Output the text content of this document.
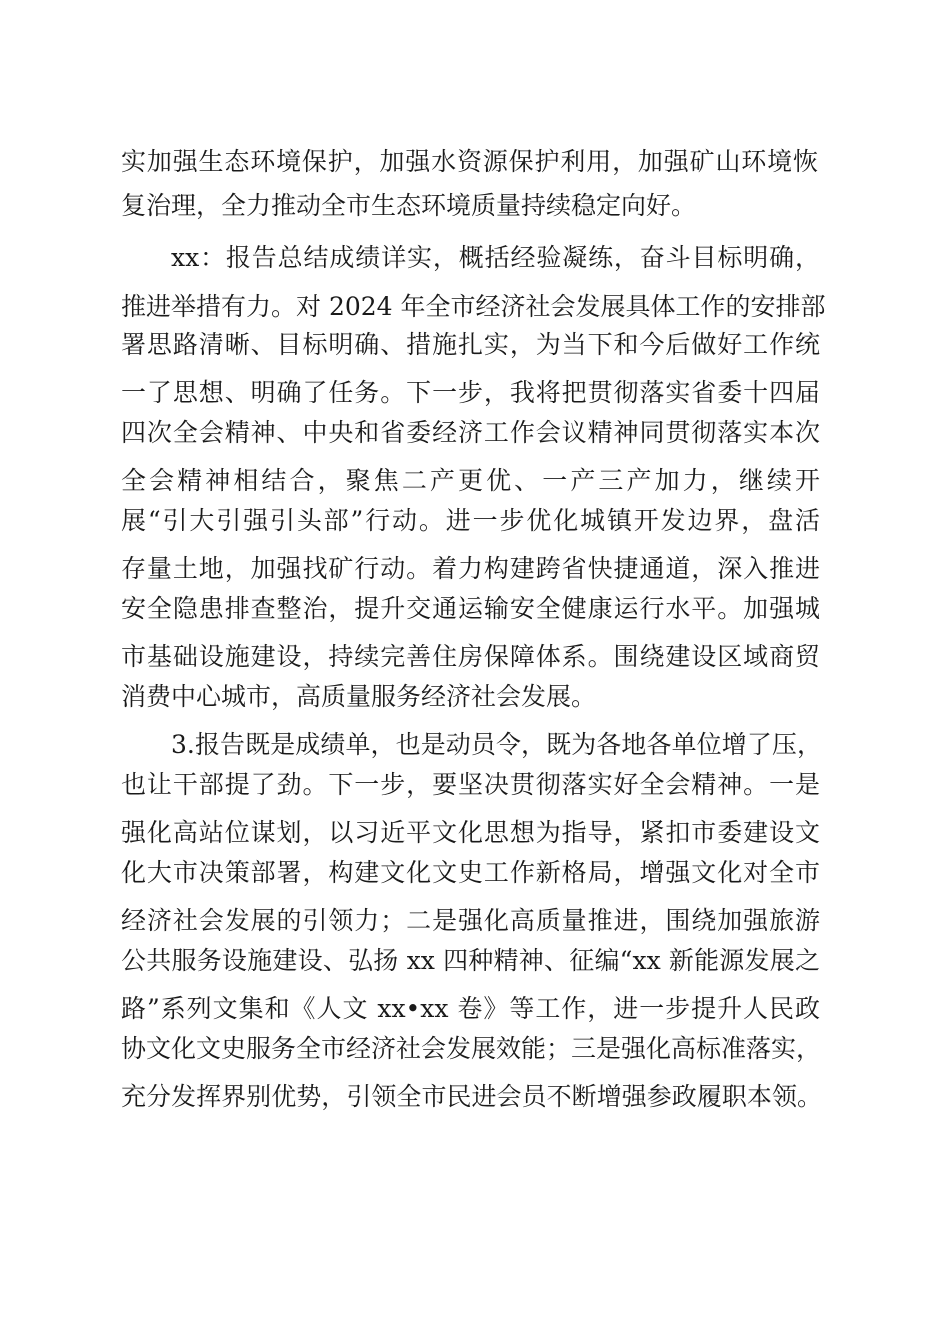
实加强生态环境保护，加强水资源保护利用，加强矿山环境恢
复治理，全力推动全市生态环境质量持续稳定向好。
xx：报告总结成绩详实，概括经验凝练，奋斗目标明确，
推进举措有力。对 2024 年全市经济社会发展具体工作的安排部
署思路清晰、目标明确、措施扎实，为当下和今后做好工作统
一了思想、明确了任务。下一步，我将把贯彻落实省委十四届
四次全会精神、中央和省委经济工作会议精神同贯彻落实本次
全会精神相结合，聚焦二产更优、一产三产加力，继续开
展“引大引强引头部”行动。进一步优化城镇开发边界，盘活
存量土地，加强找矿行动。着力构建跨省快捷通道，深入推进
安全隐患排查整治，提升交通运输安全健康运行水平。加强城
市基础设施建设，持续完善住房保障体系。围绕建设区域商贸
消费中心城市，高质量服务经济社会发展。
3.报告既是成绩单，也是动员令，既为各地各单位增了压，
也让干部提了劲。下一步，要坚决贯彻落实好全会精神。一是
强化高站位谋划，以习近平文化思想为指导，紧扣市委建设文
化大市决策部署，构建文化文史工作新格局，增强文化对全市
经济社会发展的引领力；二是强化高质量推进，围绕加强旅游
公共服务设施建设、弘扬 xx 四种精神、征编“xx 新能源发展之
路”系列文集和《人文 xx•xx 卷》等工作，进一步提升人民政
协文化文史服务全市经济社会发展效能；三是强化高标准落实，
充分发挥界别优势，引领全市民进会员不断增强参政履职本领。
